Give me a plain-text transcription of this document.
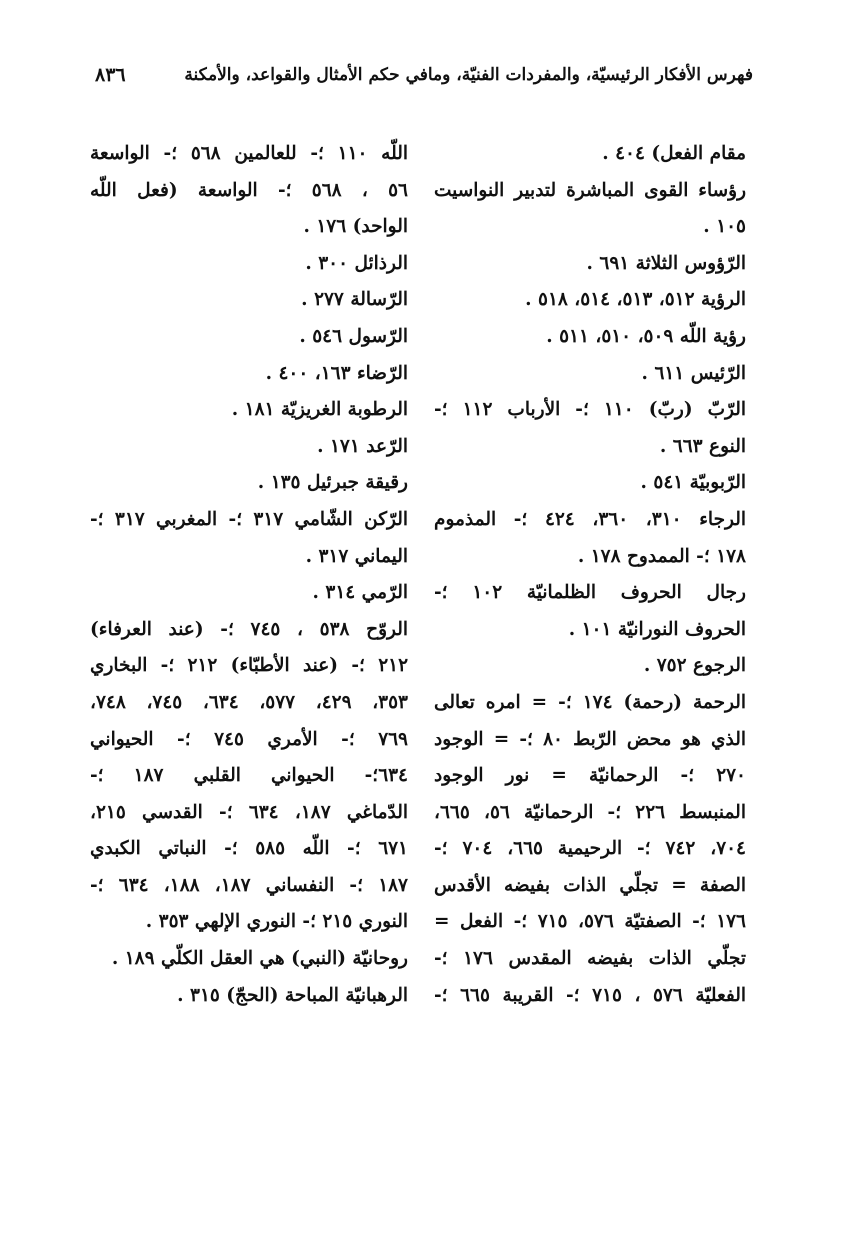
٨٣٦	فهرس الأفكار الرئيسيّة، والمفردات الفنيّة، ومافي حكم الأمثال والقواعد، والأمكنة
مقام الفعل) ٤٠٤ .
رؤساء القوى المباشرة لتدبير النواسيت
١٠٥ .
الرّؤوس الثلاثة ٦٩١ .
الرؤية ٥١٢، ٥١٣، ٥١٤، ٥١٨ .
رؤية اللّه ٥٠٩، ٥١٠، ٥١١ .
الرّئيس ٦١١ .
الرّبّ (ربّ) ١١٠ ؛- الأرباب ١١٢ ؛-
النوع ٦٦٣ .
الرّبوبيّة ٥٤١ .
الرجاء ٣١٠، ٣٦٠، ٤٢٤ ؛- المذموم
١٧٨ ؛- الممدوح ١٧٨ .
رجال الحروف الظلمانيّة ١٠٢ ؛-
الحروف النورانيّة ١٠١ .
الرجوع ٧٥٢ .
الرحمة (رحمة) ١٧٤ ؛- = امره تعالى
الذي هو محض الرّبط ٨٠ ؛- = الوجود
٢٧٠ ؛- الرحمانيّة = نور الوجود
المنبسط ٢٢٦ ؛- الرحمانيّة ٥٦، ٦٦٥،
٧٠٤، ٧٤٢ ؛- الرحيمية ٦٦٥، ٧٠٤ ؛-
الصفة = تجلّي الذات بفيضه الأقدس
١٧٦ ؛- الصفتيّة ٥٧٦، ٧١٥ ؛- الفعل =
تجلّي الذات بفيضه المقدس ١٧٦ ؛-
الفعليّة ٥٧٦ ، ٧١٥ ؛- القريبة ٦٦٥ ؛-
اللّه ١١٠ ؛- للعالمين ٥٦٨ ؛- الواسعة
٥٦ ، ٥٦٨ ؛- الواسعة (فعل اللّه
الواحد) ١٧٦ .
الرذائل ٣٠٠ .
الرّسالة ٢٧٧ .
الرّسول ٥٤٦ .
الرّضاء ١٦٣، ٤٠٠ .
الرطوبة الغريزيّة ١٨١ .
الرّعد ١٧١ .
رقيقة جبرئيل ١٣٥ .
الرّكن الشّامي ٣١٧ ؛- المغربي ٣١٧ ؛-
اليماني ٣١٧ .
الرّمي ٣١٤ .
الروّح ٥٣٨ ، ٧٤٥ ؛- (عند العرفاء)
٢١٢ ؛- (عند الأطبّاء) ٢١٢ ؛- البخاري
٣٥٣، ٤٢٩، ٥٧٧، ٦٣٤، ٧٤٥، ٧٤٨،
٧٦٩ ؛- الأمري ٧٤٥ ؛- الحيواني
٦٣٤؛- الحيواني القلبي ١٨٧ ؛-
الدّماغي ١٨٧، ٦٣٤ ؛- القدسي ٢١٥،
٦٧١ ؛- اللّه ٥٨٥ ؛- النباتي الكبدي
١٨٧ ؛- النفساني ١٨٧، ١٨٨، ٦٣٤ ؛-
النوري ٢١٥ ؛- النوري الإلهي ٣٥٣ .
روحانيّة (النبي) هي العقل الكلّي ١٨٩ .
الرهبانيّة المباحة (الحجّ) ٣١٥ .
